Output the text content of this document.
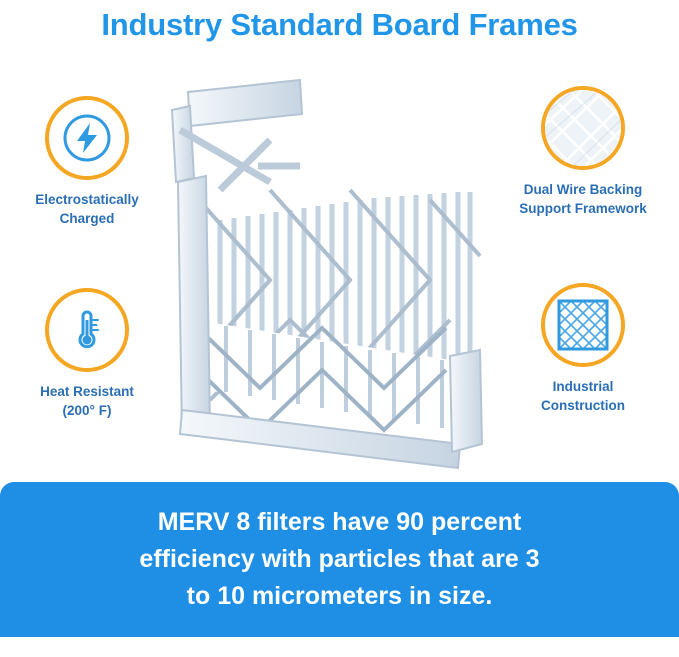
Industry Standard Board Frames
Electrostatically
Charged
Heat Resistant
(200° F)
Dual Wire Backing
Support Framework
Industrial
Construction
MERV 8 filters have 90 percent
efficiency with particles that are 3
to 10 micrometers in size.
